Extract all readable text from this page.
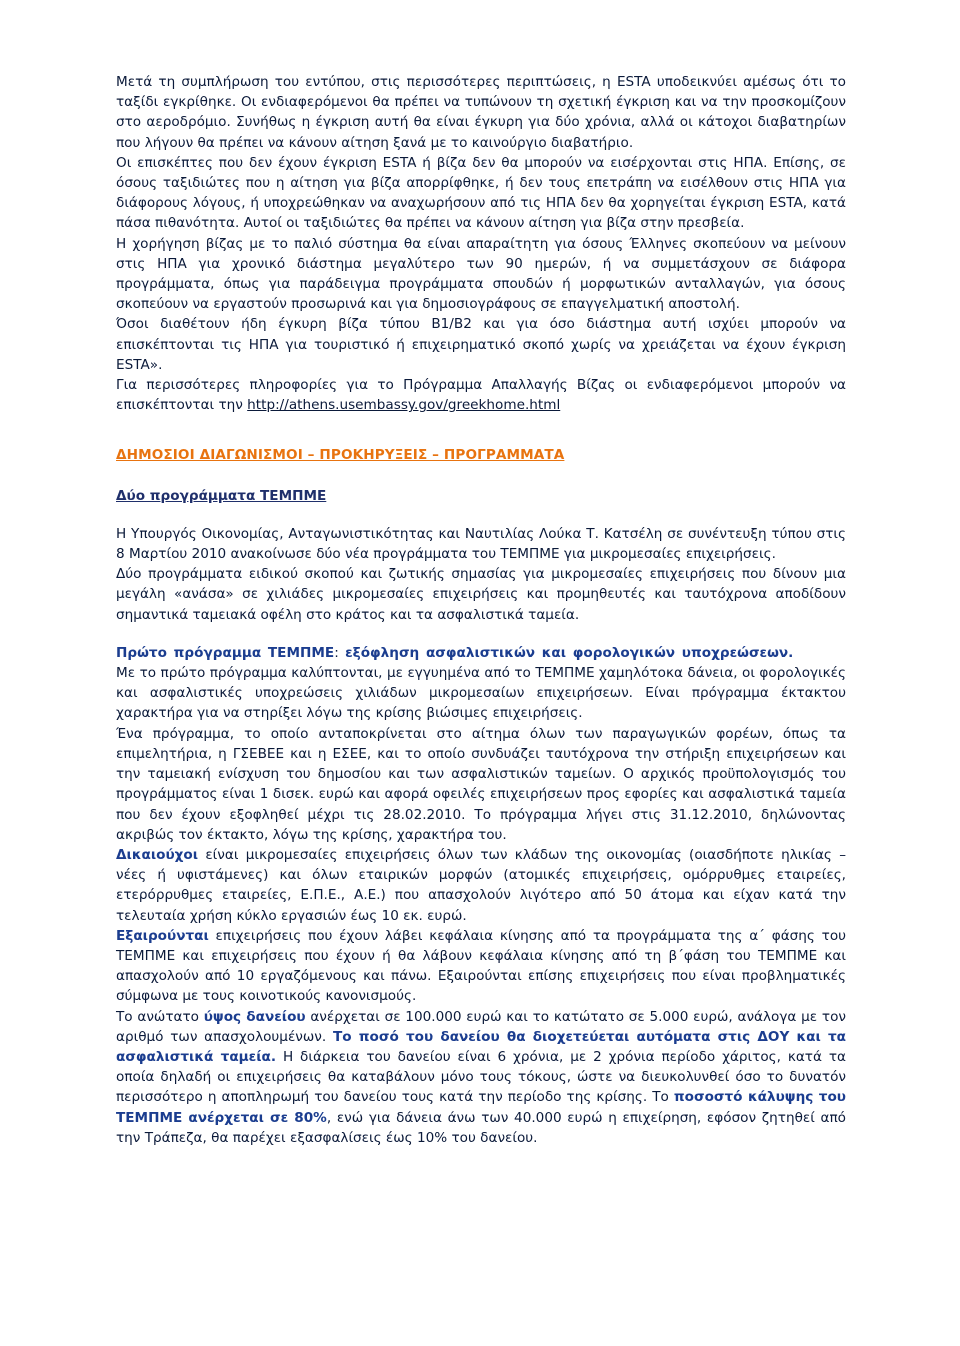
Μετά τη συμπλήρωση του εντύπου, στις περισσότερες περιπτώσεις, η ESTA υποδεικνύει αμέσως ότι το ταξίδι εγκρίθηκε. Οι ενδιαφερόμενοι θα πρέπει να τυπώνουν τη σχετική έγκριση και να την προσκομίζουν στο αεροδρόμιο. Συνήθως η έγκριση αυτή θα είναι έγκυρη για δύο χρόνια, αλλά οι κάτοχοι διαβατηρίων που λήγουν θα πρέπει να κάνουν αίτηση ξανά με το καινούργιο διαβατήριο.

Οι επισκέπτες που δεν έχουν έγκριση ESTA ή βίζα δεν θα μπορούν να εισέρχονται στις ΗΠΑ. Επίσης, σε όσους ταξιδιώτες που η αίτηση για βίζα απορρίφθηκε, ή δεν τους επετράπη να εισέλθουν στις ΗΠΑ για διάφορους λόγους, ή υποχρεώθηκαν να αναχωρήσουν από τις ΗΠΑ δεν θα χορηγείται έγκριση ESTA, κατά πάσα πιθανότητα. Αυτοί οι ταξιδιώτες θα πρέπει να κάνουν αίτηση για βίζα στην πρεσβεία.

Η χορήγηση βίζας με το παλιό σύστημα θα είναι απαραίτητη για όσους Έλληνες σκοπεύουν να μείνουν στις ΗΠΑ για χρονικό διάστημα μεγαλύτερο των 90 ημερών, ή να συμμετάσχουν σε διάφορα προγράμματα, όπως για παράδειγμα προγράμματα σπουδών ή μορφωτικών ανταλλαγών, για όσους σκοπεύουν να εργαστούν προσωρινά και για δημοσιογράφους σε επαγγελματική αποστολή.

Όσοι διαθέτουν ήδη έγκυρη βίζα τύπου Β1/Β2 και για όσο διάστημα αυτή ισχύει μπορούν να επισκέπτονται τις ΗΠΑ για τουριστικό ή επιχειρηματικό σκοπό χωρίς να χρειάζεται να έχουν έγκριση ESTA».

Για περισσότερες πληροφορίες για το Πρόγραμμα Απαλλαγής Βίζας οι ενδιαφερόμενοι μπορούν να επισκέπτονται την http://athens.usembassy.gov/greekhome.html

ΔΗΜΟΣΙΟΙ ΔΙΑΓΩΝΙΣΜΟΙ – ΠΡΟΚΗΡΥΞΕΙΣ – ΠΡΟΓΡΑΜΜΑΤΑ

Δύο προγράμματα ΤΕΜΠΜΕ

Η Υπουργός Οικονομίας, Ανταγωνιστικότητας και Ναυτιλίας Λούκα Τ. Κατσέλη σε συνέντευξη τύπου στις 8 Μαρτίου 2010 ανακοίνωσε δύο νέα προγράμματα του ΤΕΜΠΜΕ για μικρομεσαίες επιχειρήσεις.

Δύο προγράμματα ειδικού σκοπού και ζωτικής σημασίας για μικρομεσαίες επιχειρήσεις που δίνουν μια μεγάλη «ανάσα» σε χιλιάδες μικρομεσαίες επιχειρήσεις και προμηθευτές και ταυτόχρονα αποδίδουν σημαντικά ταμειακά οφέλη στο κράτος και τα ασφαλιστικά ταμεία.

Πρώτο πρόγραμμα ΤΕΜΠΜΕ: εξόφληση ασφαλιστικών και φορολογικών υποχρεώσεων.

Με το πρώτο πρόγραμμα καλύπτονται, με εγγυημένα από το ΤΕΜΠΜΕ χαμηλότοκα δάνεια, οι φορολογικές και ασφαλιστικές υποχρεώσεις χιλιάδων μικρομεσαίων επιχειρήσεων. Είναι πρόγραμμα έκτακτου χαρακτήρα για να στηρίξει λόγω της κρίσης βιώσιμες επιχειρήσεις.

Ένα πρόγραμμα, το οποίο ανταποκρίνεται στο αίτημα όλων των παραγωγικών φορέων, όπως τα επιμελητήρια, η ΓΣΕΒΕΕ και η ΕΣΕΕ, και το οποίο συνδυάζει ταυτόχρονα την στήριξη επιχειρήσεων και την ταμειακή ενίσχυση του δημοσίου και των ασφαλιστικών ταμείων. Ο αρχικός προϋπολογισμός του προγράμματος είναι 1 δισεκ. ευρώ και αφορά οφειλές επιχειρήσεων προς εφορίες και ασφαλιστικά ταμεία που δεν έχουν εξοφληθεί μέχρι τις 28.02.2010. Το πρόγραμμα λήγει στις 31.12.2010, δηλώνοντας ακριβώς τον έκτακτο, λόγω της κρίσης, χαρακτήρα του.

Δικαιούχοι είναι μικρομεσαίες επιχειρήσεις όλων των κλάδων της οικονομίας (οιασδήποτε ηλικίας – νέες ή υφιστάμενες) και όλων εταιρικών μορφών (ατομικές επιχειρήσεις, ομόρρυθμες εταιρείες, ετερόρρυθμες εταιρείες, Ε.Π.Ε., Α.Ε.) που απασχολούν λιγότερο από 50 άτομα και είχαν κατά την τελευταία χρήση κύκλο εργασιών έως 10 εκ. ευρώ.

Εξαιρούνται επιχειρήσεις που έχουν λάβει κεφάλαια κίνησης από τα προγράμματα της α΄ φάσης του ΤΕΜΠΜΕ και επιχειρήσεις που έχουν ή θα λάβουν κεφάλαια κίνησης από τη β΄φάση του ΤΕΜΠΜΕ και απασχολούν από 10 εργαζόμενους και πάνω. Εξαιρούνται επίσης επιχειρήσεις που είναι προβληματικές σύμφωνα με τους κοινοτικούς κανονισμούς.

Το ανώτατο ύψος δανείου ανέρχεται σε 100.000 ευρώ και το κατώτατο σε 5.000 ευρώ, ανάλογα με τον αριθμό των απασχολουμένων. Το ποσό του δανείου θα διοχετεύεται αυτόματα στις ΔΟΥ και τα ασφαλιστικά ταμεία. Η διάρκεια του δανείου είναι 6 χρόνια, με 2 χρόνια περίοδο χάριτος, κατά τα οποία δηλαδή οι επιχειρήσεις θα καταβάλουν μόνο τους τόκους, ώστε να διευκολυνθεί όσο το δυνατόν περισσότερο η αποπληρωμή του δανείου τους κατά την περίοδο της κρίσης. Το ποσοστό κάλυψης του ΤΕΜΠΜΕ ανέρχεται σε 80%, ενώ για δάνεια άνω των 40.000 ευρώ η επιχείρηση, εφόσον ζητηθεί από την Τράπεζα, θα παρέχει εξασφαλίσεις έως 10% του δανείου.
